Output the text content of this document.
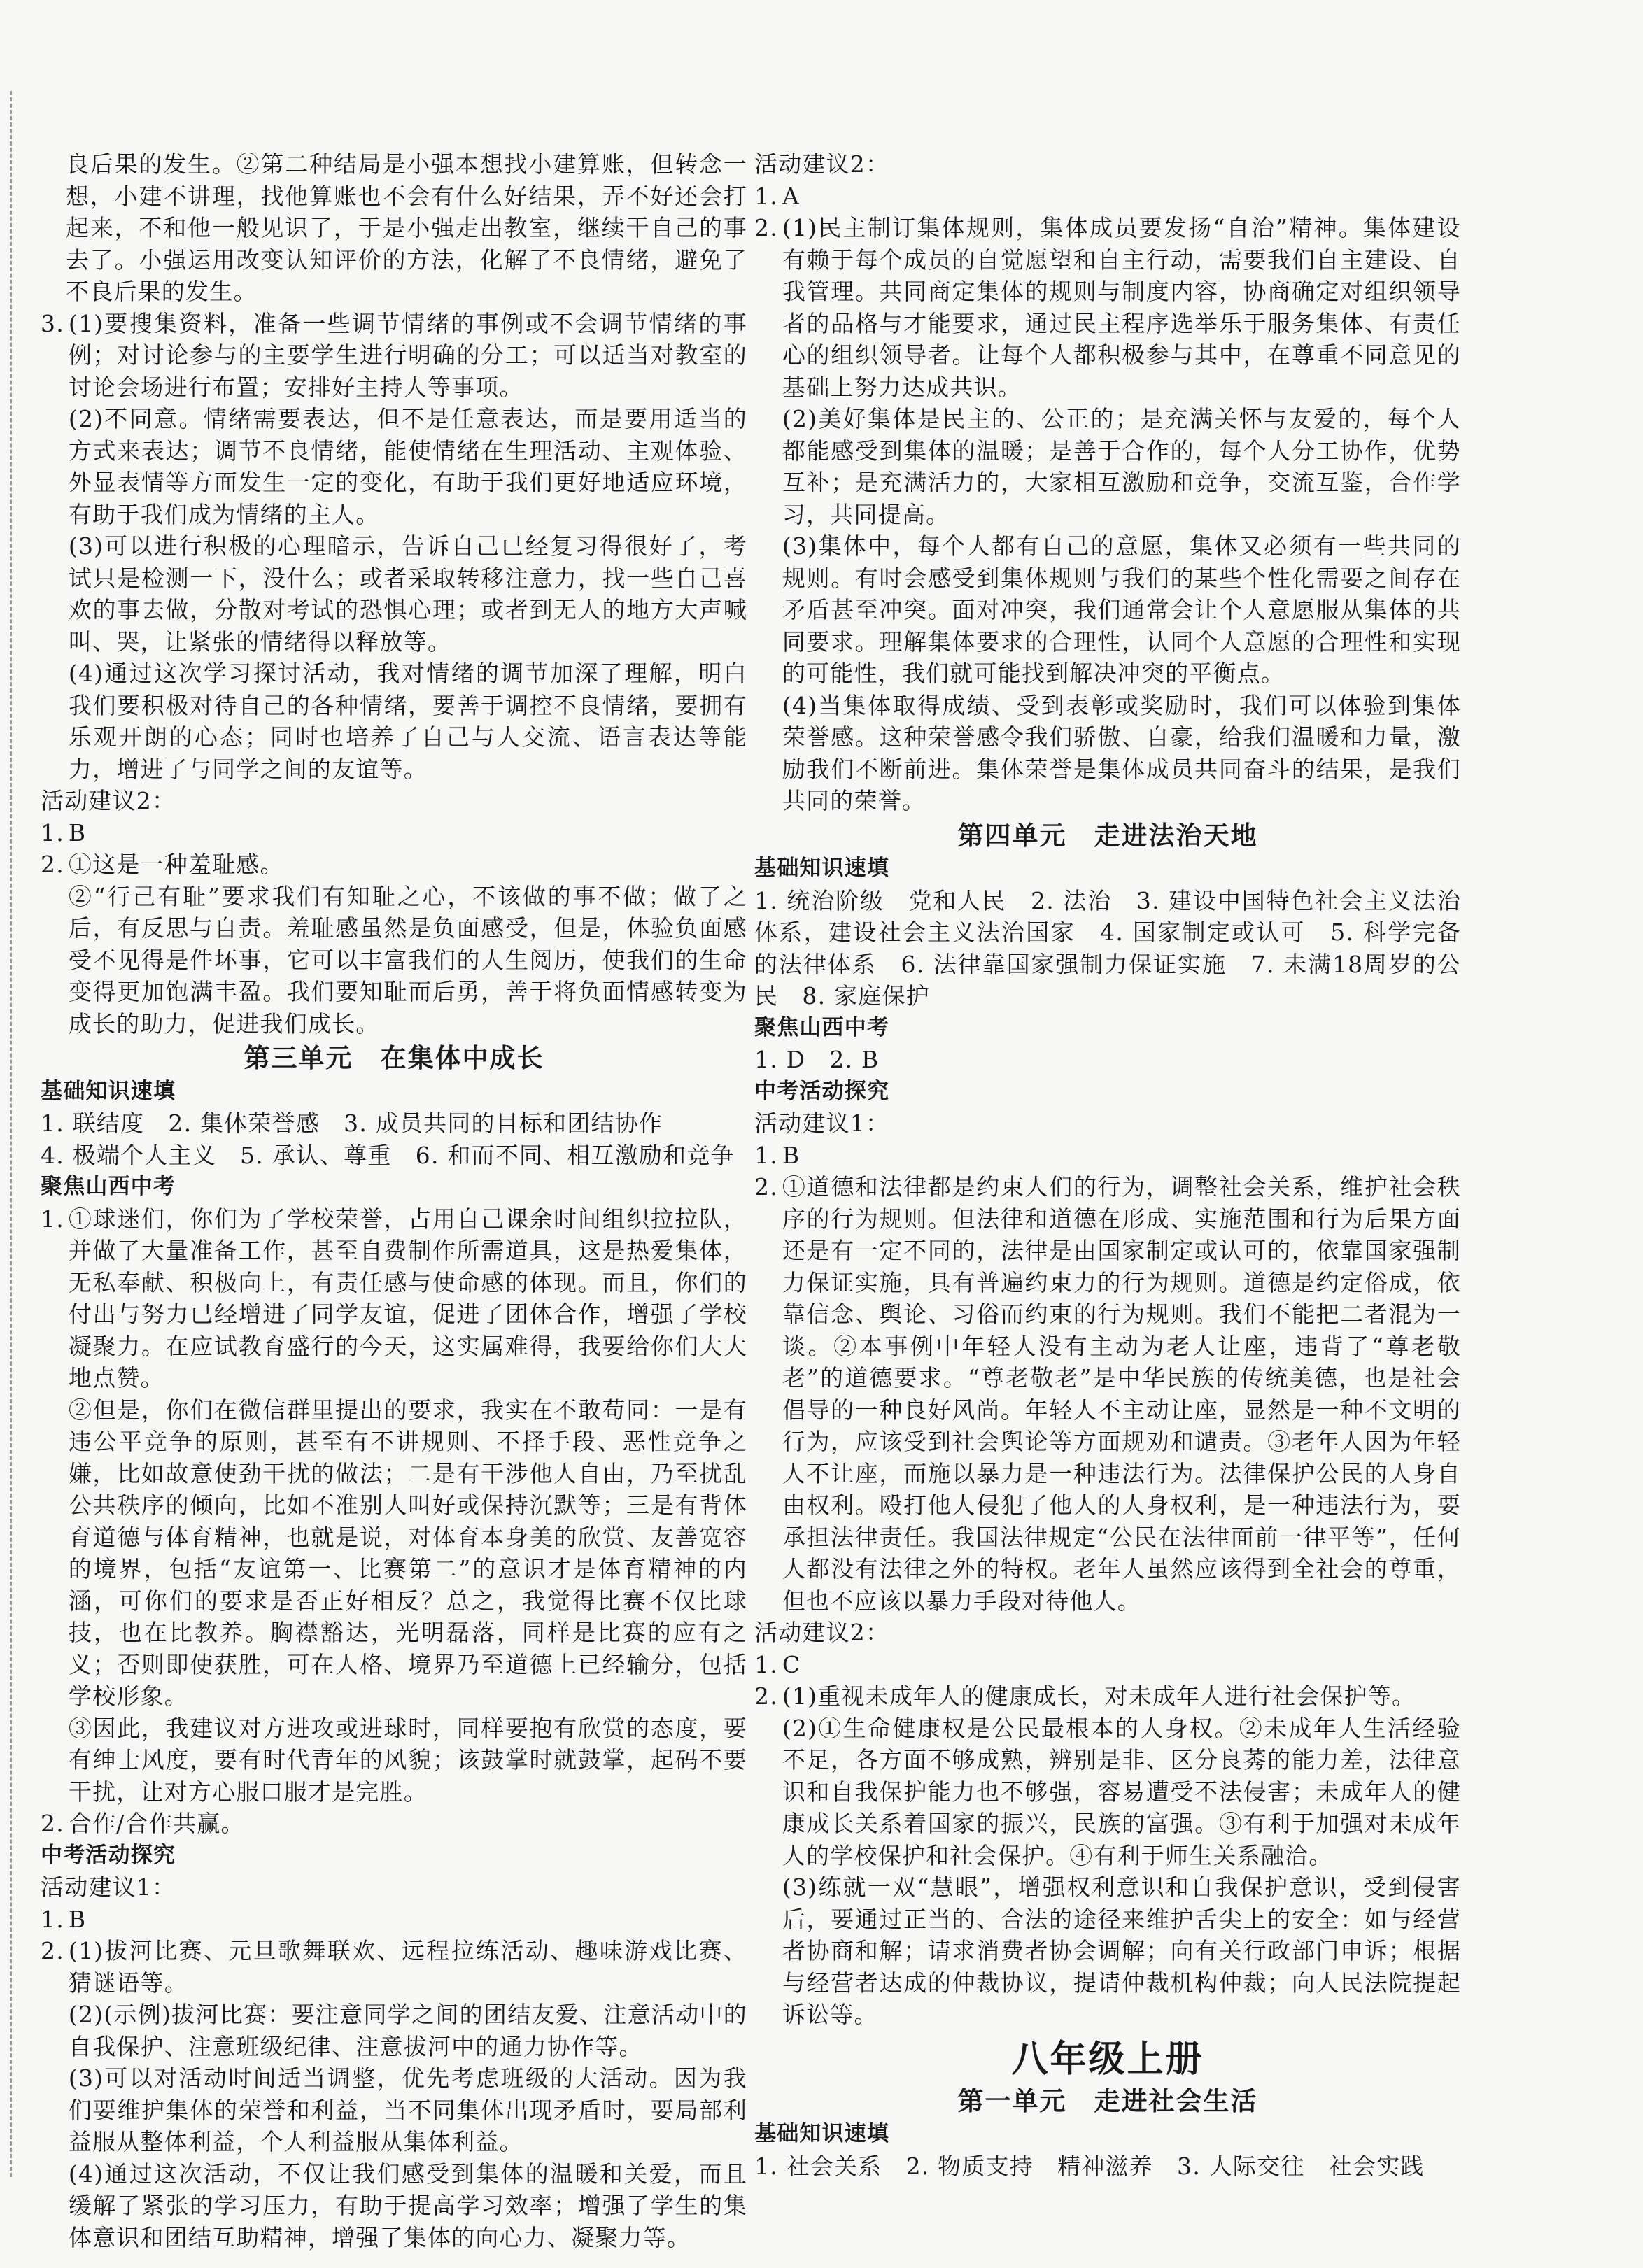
良后果的发生。②第二种结局是小强本想找小建算账，但转念一想，小建不讲理，找他算账也不会有什么好结果，弄不好还会打起来，不和他一般见识了，于是小强走出教室，继续干自己的事去了。小强运用改变认知评价的方法，化解了不良情绪，避免了不良后果的发生。
3. (1)要搜集资料，准备一些调节情绪的事例或不会调节情绪的事例；对讨论参与的主要学生进行明确的分工；可以适当对教室的讨论会场进行布置；安排好主持人等事项。
(2)不同意。情绪需要表达，但不是任意表达，而是要用适当的方式来表达；调节不良情绪，能使情绪在生理活动、主观体验、外显表情等方面发生一定的变化，有助于我们更好地适应环境，有助于我们成为情绪的主人。
(3)可以进行积极的心理暗示，告诉自己已经复习得很好了，考试只是检测一下，没什么；或者采取转移注意力，找一些自己喜欢的事去做，分散对考试的恐惧心理；或者到无人的地方大声喊叫、哭，让紧张的情绪得以释放等。
(4)通过这次学习探讨活动，我对情绪的调节加深了理解，明白我们要积极对待自己的各种情绪，要善于调控不良情绪，要拥有乐观开朗的心态；同时也培养了自己与人交流、语言表达等能力，增进了与同学之间的友谊等。
活动建议2：
1. B
2. ①这是一种羞耻感。
②“行己有耻”要求我们有知耻之心，不该做的事不做；做了之后，有反思与自责。羞耻感虽然是负面感受，但是，体验负面感受不见得是件坏事，它可以丰富我们的人生阅历，使我们的生命变得更加饱满丰盈。我们要知耻而后勇，善于将负面情感转变为成长的助力，促进我们成长。
第三单元　在集体中成长
基础知识速填
1. 联结度　2. 集体荣誉感　3. 成员共同的目标和团结协作
4. 极端个人主义　5. 承认、尊重　6. 和而不同、相互激励和竞争
聚焦山西中考
1. ①球迷们，你们为了学校荣誉，占用自己课余时间组织拉拉队，并做了大量准备工作，甚至自费制作所需道具，这是热爱集体，无私奉献、积极向上，有责任感与使命感的体现。而且，你们的付出与努力已经增进了同学友谊，促进了团体合作，增强了学校凝聚力。在应试教育盛行的今天，这实属难得，我要给你们大大地点赞。
②但是，你们在微信群里提出的要求，我实在不敢苟同：一是有违公平竞争的原则，甚至有不讲规则、不择手段、恶性竞争之嫌，比如故意使劲干扰的做法；二是有干涉他人自由，乃至扰乱公共秩序的倾向，比如不准别人叫好或保持沉默等；三是有背体育道德与体育精神，也就是说，对体育本身美的欣赏、友善宽容的境界，包括“友谊第一、比赛第二”的意识才是体育精神的内涵，可你们的要求是否正好相反？总之，我觉得比赛不仅比球技，也在比教养。胸襟豁达，光明磊落，同样是比赛的应有之义；否则即使获胜，可在人格、境界乃至道德上已经输分，包括学校形象。
③因此，我建议对方进攻或进球时，同样要抱有欣赏的态度，要有绅士风度，要有时代青年的风貌；该鼓掌时就鼓掌，起码不要干扰，让对方心服口服才是完胜。
2. 合作/合作共赢。
中考活动探究
活动建议1：
1. B
2. (1)拔河比赛、元旦歌舞联欢、远程拉练活动、趣味游戏比赛、猜谜语等。
(2)(示例)拔河比赛：要注意同学之间的团结友爱、注意活动中的自我保护、注意班级纪律、注意拔河中的通力协作等。
(3)可以对活动时间适当调整，优先考虑班级的大活动。因为我们要维护集体的荣誉和利益，当不同集体出现矛盾时，要局部利益服从整体利益，个人利益服从集体利益。
(4)通过这次活动，不仅让我们感受到集体的温暖和关爱，而且缓解了紧张的学习压力，有助于提高学习效率；增强了学生的集体意识和团结互助精神，增强了集体的向心力、凝聚力等。
活动建议2：
1. A
2. (1)民主制订集体规则，集体成员要发扬“自治”精神。集体建设有赖于每个成员的自觉愿望和自主行动，需要我们自主建设、自我管理。共同商定集体的规则与制度内容，协商确定对组织领导者的品格与才能要求，通过民主程序选举乐于服务集体、有责任心的组织领导者。让每个人都积极参与其中，在尊重不同意见的基础上努力达成共识。
(2)美好集体是民主的、公正的；是充满关怀与友爱的，每个人都能感受到集体的温暖；是善于合作的，每个人分工协作，优势互补；是充满活力的，大家相互激励和竞争，交流互鉴，合作学习，共同提高。
(3)集体中，每个人都有自己的意愿，集体又必须有一些共同的规则。有时会感受到集体规则与我们的某些个性化需要之间存在矛盾甚至冲突。面对冲突，我们通常会让个人意愿服从集体的共同要求。理解集体要求的合理性，认同个人意愿的合理性和实现的可能性，我们就可能找到解决冲突的平衡点。
(4)当集体取得成绩、受到表彰或奖励时，我们可以体验到集体荣誉感。这种荣誉感令我们骄傲、自豪，给我们温暖和力量，激励我们不断前进。集体荣誉是集体成员共同奋斗的结果，是我们共同的荣誉。
第四单元　走进法治天地
基础知识速填
1. 统治阶级　党和人民　2. 法治　3. 建设中国特色社会主义法治体系，建设社会主义法治国家　4. 国家制定或认可　5. 科学完备的法律体系　6. 法律靠国家强制力保证实施　7. 未满18周岁的公民　8. 家庭保护
聚焦山西中考
1. D　2. B
中考活动探究
活动建议1：
1. B
2. ①道德和法律都是约束人们的行为，调整社会关系，维护社会秩序的行为规则。但法律和道德在形成、实施范围和行为后果方面还是有一定不同的，法律是由国家制定或认可的，依靠国家强制力保证实施，具有普遍约束力的行为规则。道德是约定俗成，依靠信念、舆论、习俗而约束的行为规则。我们不能把二者混为一谈。②本事例中年轻人没有主动为老人让座，违背了“尊老敬老”的道德要求。“尊老敬老”是中华民族的传统美德，也是社会倡导的一种良好风尚。年轻人不主动让座，显然是一种不文明的行为，应该受到社会舆论等方面规劝和谴责。③老年人因为年轻人不让座，而施以暴力是一种违法行为。法律保护公民的人身自由权利。殴打他人侵犯了他人的人身权利，是一种违法行为，要承担法律责任。我国法律规定“公民在法律面前一律平等”，任何人都没有法律之外的特权。老年人虽然应该得到全社会的尊重，但也不应该以暴力手段对待他人。
活动建议2：
1. C
2. (1)重视未成年人的健康成长，对未成年人进行社会保护等。
(2)①生命健康权是公民最根本的人身权。②未成年人生活经验不足，各方面不够成熟，辨别是非、区分良莠的能力差，法律意识和自我保护能力也不够强，容易遭受不法侵害；未成年人的健康成长关系着国家的振兴，民族的富强。③有利于加强对未成年人的学校保护和社会保护。④有利于师生关系融洽。
(3)练就一双“慧眼”，增强权利意识和自我保护意识，受到侵害后，要通过正当的、合法的途径来维护舌尖上的安全：如与经营者协商和解；请求消费者协会调解；向有关行政部门申诉；根据与经营者达成的仲裁协议，提请仲裁机构仲裁；向人民法院提起诉讼等。
八年级上册
第一单元　走进社会生活
基础知识速填
1. 社会关系　2. 物质支持　精神滋养　3. 人际交往　社会实践
